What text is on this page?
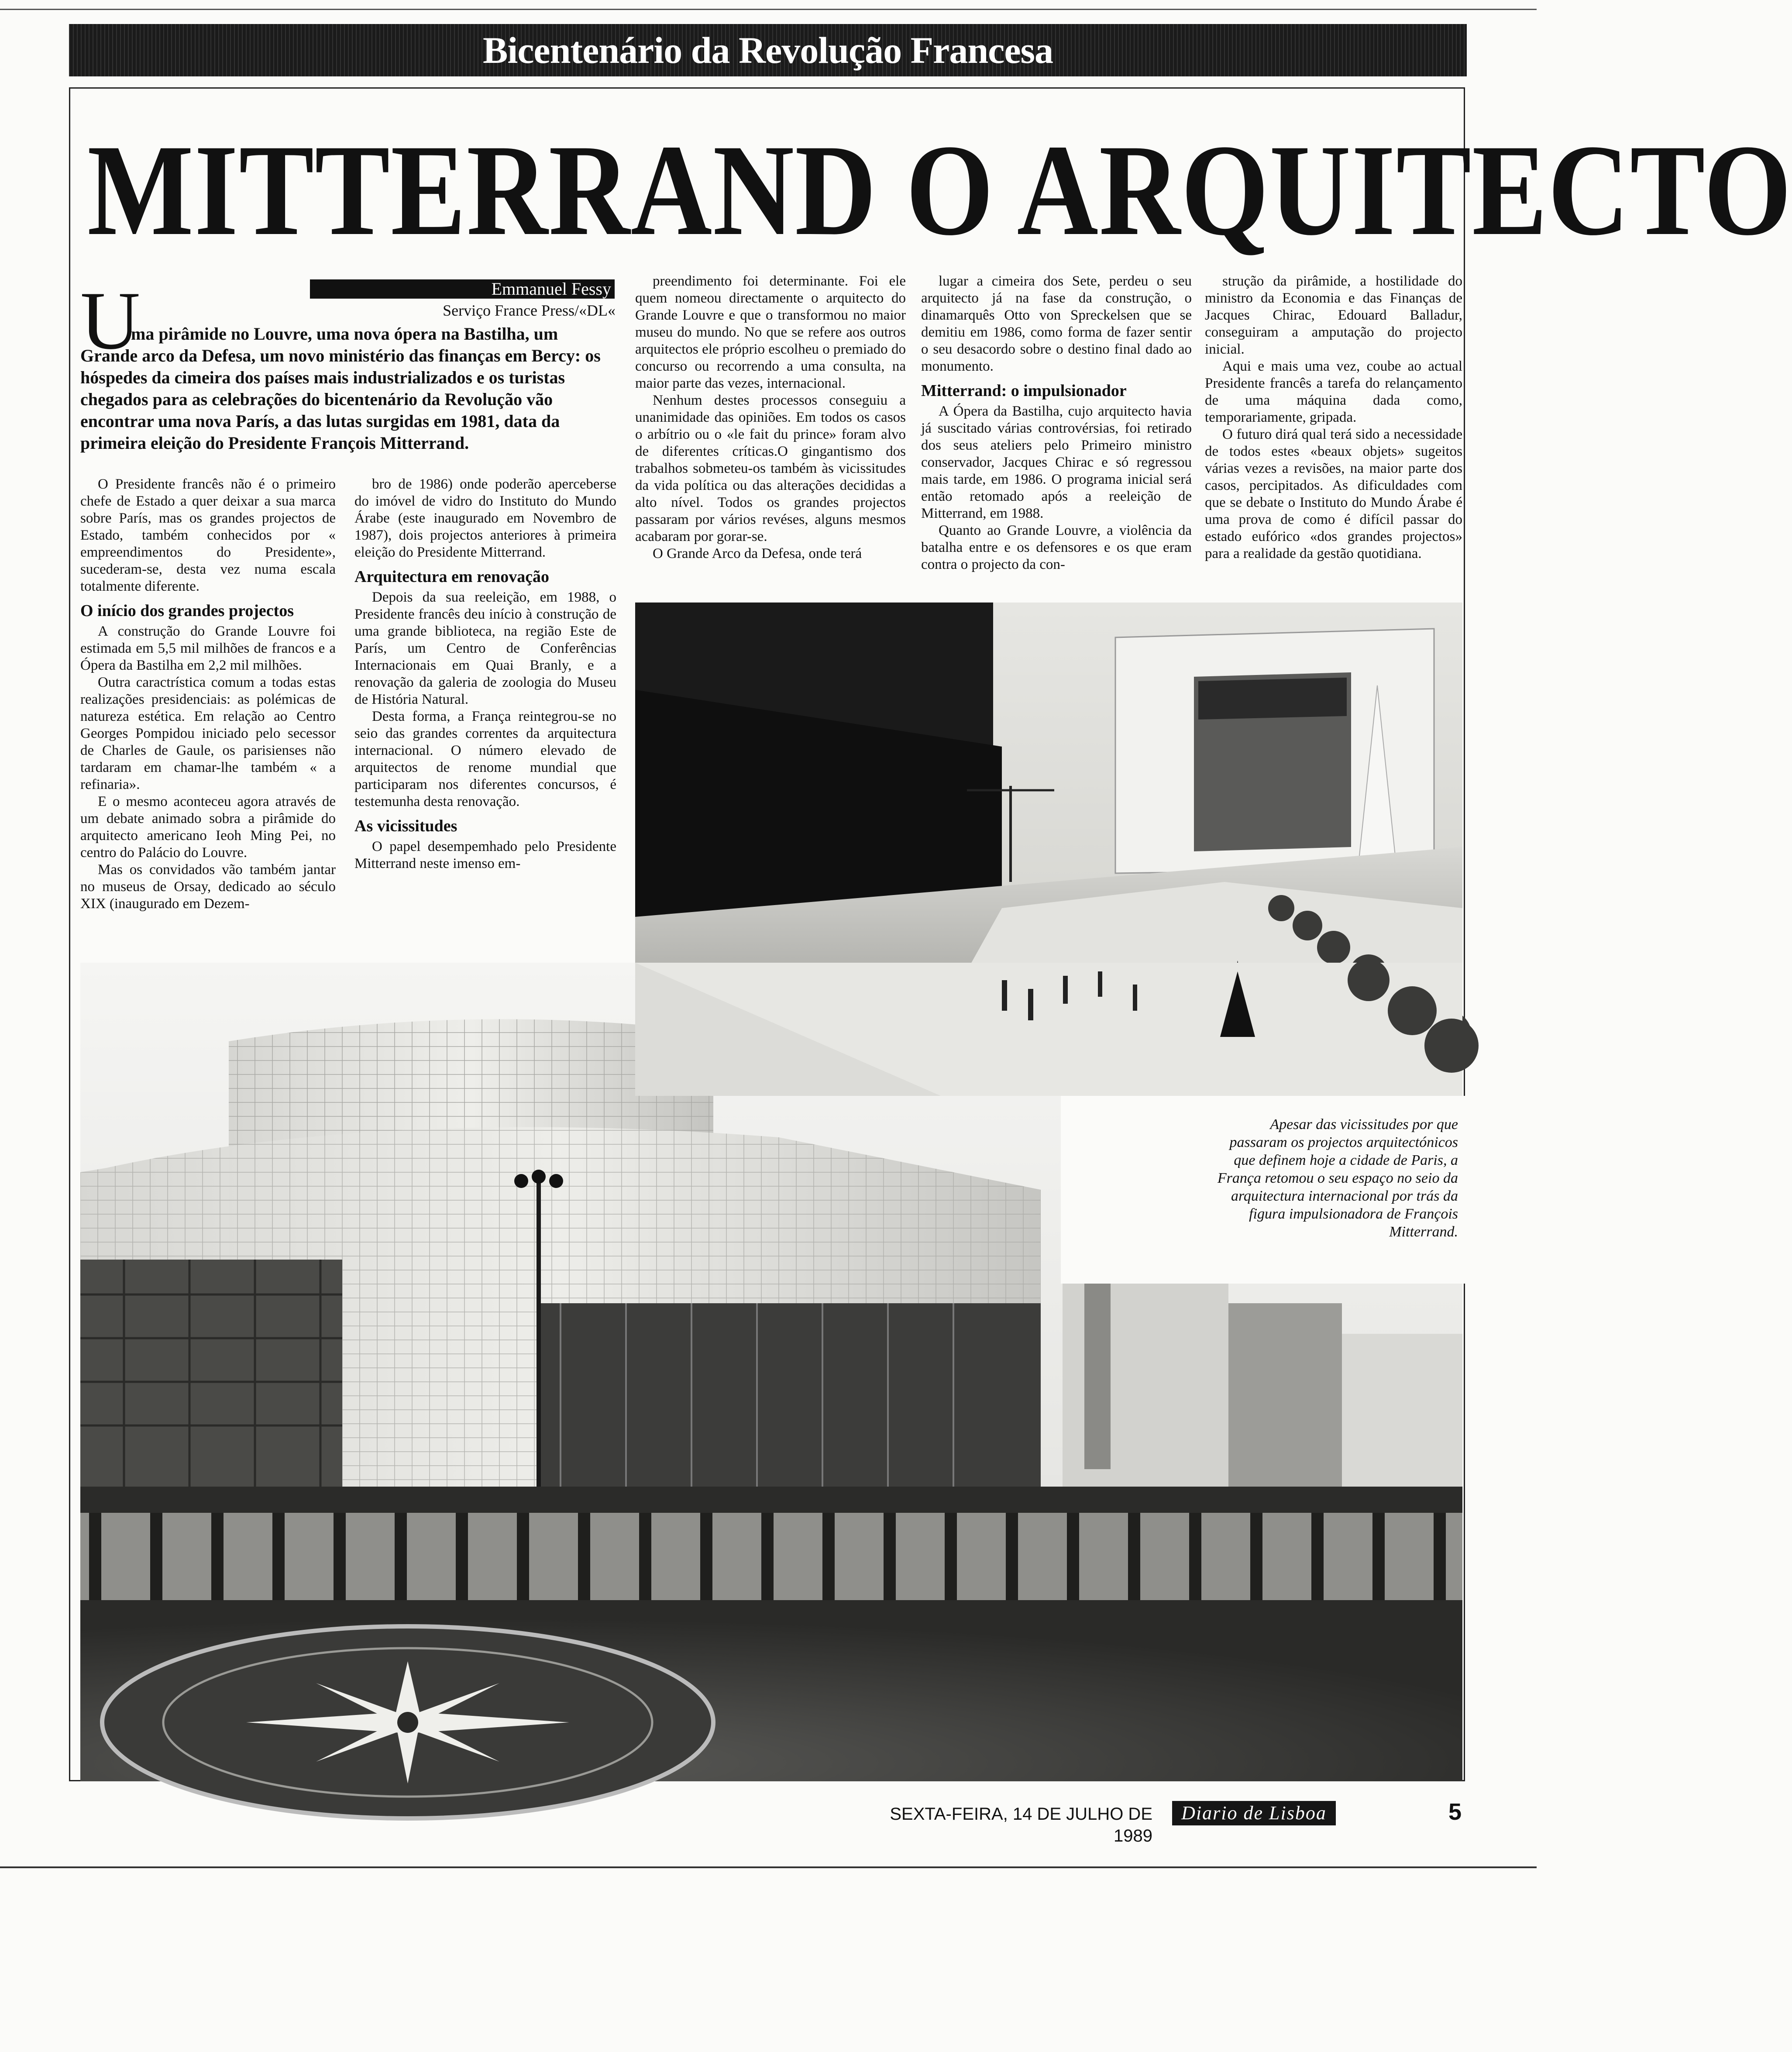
Bicentenário da Revolução Francesa
MITTERRAND O ARQUITECTO
Emmanuel Fessy
Serviço France Press/«DL«
U
ma pirâmide no Louvre, uma nova ópera na Bastilha, um
Grande arco da Defesa, um novo ministério das finanças em Bercy: os hóspedes da cimeira dos países mais industrializados e os turistas chegados para as celebrações do bicentenário da Revolução vão encontrar uma nova París, a das lutas surgidas em 1981, data da primeira eleição do Presidente François Mitterrand.

O Presidente francês não é o primeiro chefe de Estado a quer deixar a sua marca sobre París, mas os grandes projectos de Estado, também conhecidos por « empreendimentos do Presidente», sucederam-se, desta vez numa escala totalmente diferente.

O início dos grandes projectos

A construção do Grande Louvre foi estimada em 5,5 mil milhões de francos e a Ópera da Bastilha em 2,2 mil milhões.

Outra caractrística comum a todas estas realizações presidenciais: as polémicas de natureza estética. Em relação ao Centro Georges Pompidou iniciado pelo secessor de Charles de Gaule, os parisienses não tardaram em chamar-lhe também « a refinaria».

E o mesmo aconteceu agora através de um debate animado sobra a pirâmide do arquitecto americano Ieoh Ming Pei, no centro do Palácio do Louvre.

Mas os convidados vão também jantar no museus de Orsay, dedicado ao século XIX (inaugurado em Dezem-

bro de 1986) onde poderão aperceberse do imóvel de vidro do Instituto do Mundo Árabe (este inaugurado em Novembro de 1987), dois projectos anteriores à primeira eleição do Presidente Mitterrand.

Arquitectura em renovação

Depois da sua reeleição, em 1988, o Presidente francês deu início à construção de uma grande biblioteca, na região Este de París, um Centro de Conferências Internacionais em Quai Branly, e a renovação da galeria de zoologia do Museu de História Natural.

Desta forma, a França reintegrou-se no seio das grandes correntes da arquitectura internacional. O número elevado de arquitectos de renome mundial que participaram nos diferentes concursos, é testemunha desta renovação.

As vicissitudes

O papel desempemhado pelo Presidente Mitterrand neste imenso em-

preendimento foi determinante. Foi ele quem nomeou directamente o arquitecto do Grande Louvre e que o transformou no maior museu do mundo. No que se refere aos outros arquitectos ele próprio escolheu o premiado do concurso ou recorrendo a uma consulta, na maior parte das vezes, internacional.

Nenhum destes processos conseguiu a unanimidade das opiniões. Em todos os casos o arbítrio ou o «le fait du prince» foram alvo de diferentes críticas.O gingantismo dos trabalhos sobmeteu-os também às vicissitudes da vida política ou das alterações decididas a alto nível. Todos os grandes projectos passaram por vários revéses, alguns mesmos acabaram por gorar-se.

O Grande Arco da Defesa, onde terá

lugar a cimeira dos Sete, perdeu o seu arquitecto já na fase da construção, o dinamarquês Otto von Spreckelsen que se demitiu em 1986, como forma de fazer sentir o seu desacordo sobre o destino final dado ao monumento.

Mitterrand: o impulsionador

A Ópera da Bastilha, cujo arquitecto havia já suscitado várias controvérsias, foi retirado dos seus ateliers pelo Primeiro ministro conservador, Jacques Chirac e só regressou mais tarde, em 1986. O programa inicial será então retomado após a reeleição de Mitterrand, em 1988.

Quanto ao Grande Louvre, a violência da batalha entre e os defensores e os que eram contra o projecto da con-

strução da pirâmide, a hostilidade do ministro da Economia e das Finanças de Jacques Chirac, Edouard Balladur, conseguiram a amputação do projecto inicial.

Aqui e mais uma vez, coube ao actual Presidente francês a tarefa do relançamento de uma máquina dada como, temporariamente, gripada.

O futuro dirá qual terá sido a necessidade de todos estes «beaux objets» sugeitos várias vezes a revisões, na maior parte dos casos, percipitados. As dificuldades com que se debate o Instituto do Mundo Árabe é uma prova de como é difícil passar do estado eufórico «dos grandes projectos» para a realidade da gestão quotidiana.

Apesar das vicissitudes por que passaram os projectos arquitectónicos que definem hoje a cidade de Paris, a França retomou o seu espaço no seio da arquitectura internacional por trás da figura impulsionadora de François Mitterrand.
SEXTA-FEIRA, 14 DE JULHO DE 1989
Diario de Lisboa	5
